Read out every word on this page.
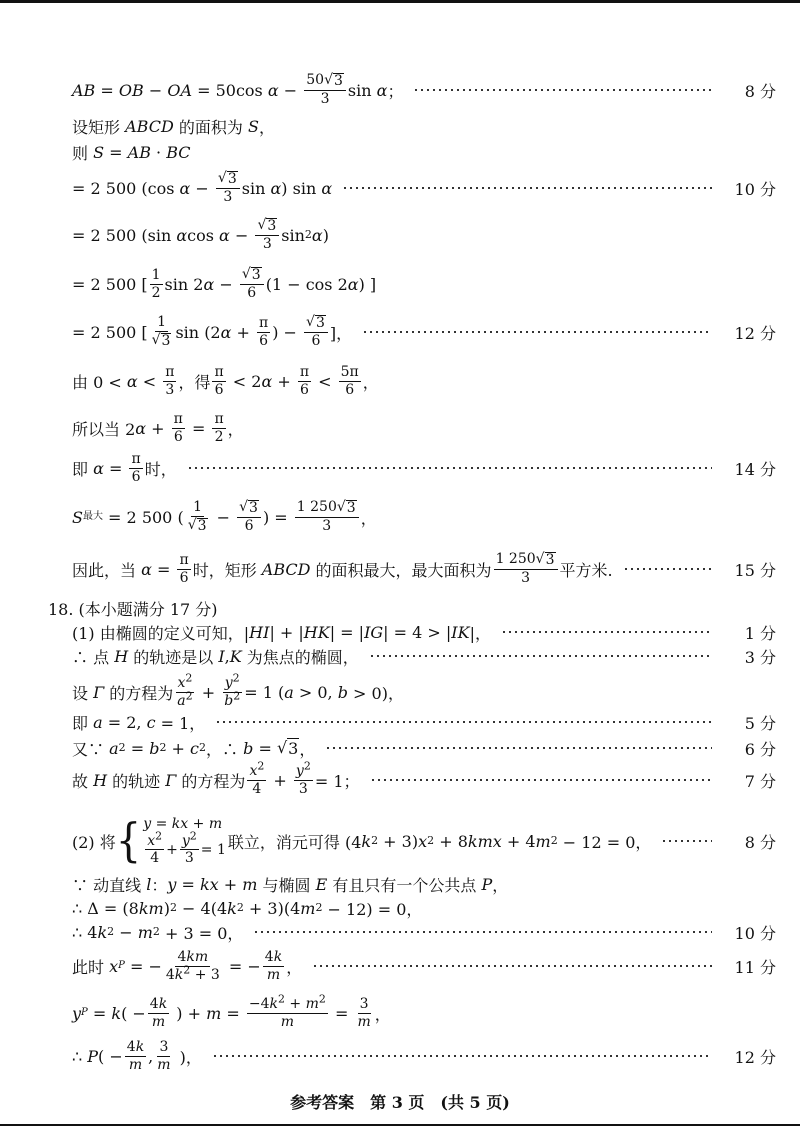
AB = OB − OA = 50cos $\alpha - \frac{50√ 3}{3}$ sin α ；	8 分
设矩形 ABCD 的面积为 S ，
则 S = AB · BC
= 2 500 (cos $\alpha - \frac{√ 3}{3}$ sin α ) sin α	10 分
= 2 500 (sin α $\cos \alpha - \frac{√ 3}{3}$ sin 2 α )
= 2 500 [ $\frac{1}{2}$ sin 2 $\alpha - \frac{√ 3}{6} (1 - \cos 2$ α ) ]
= 2 500 [ $\frac{1}{√ 3}$ sin (2 $\alpha + \frac{\pi}{6}$ ) − $\frac{√ 3}{6}$ ]，	12 分
由 $0 < \alpha < \frac{\pi}{3}$ ，得 $\frac{\pi}{6} < 2$ $\alpha + \frac{\pi}{6} < \frac{5\pi}{6}$ ，
所以当 2 $\alpha + \frac{\pi}{6} = \frac{\pi}{2}$ ，
即 $\alpha = \frac{\pi}{6}$ 时，	14 分
S 最大 = 2 500 ( $\frac{1}{√ 3} - \frac{√ 3}{6}$ ) = $\frac{1 250√ 3}{3}$ ，
因此，当 $\alpha = \frac{\pi}{6}$ 时，矩形 ABCD 的面积最大，最大面积为 $\frac{1 250√ 3}{3}$ 平方米.	15 分
18. (本小题满分 17 分)
(1) 由椭圆的定义可知，| HI | + | HK | = | IG | = 4 > | IK |，	1 分
∴ 点 H 的轨迹是以 I , K 为焦点的椭圆，	3 分
设 Γ 的方程为 $\frac{x^2}{a^2} + \frac{y^2}{b^2} = 1$ ( a > 0, b > 0)，
即 a = 2, c = 1，	5 分
又∵ a 2 = b 2 + c 2 ，∴ b = √ 3 ，	6 分
故 H 的轨迹 Γ 的方程为 $\frac{x^2}{4} + \frac{y^2}{3} = 1$；	7 分
(2) 将 { y = kx + m
$\frac{x^2}{4} + \frac{y^2}{3} = 1$ 联立，消元可得 (4 k 2 + 3) x 2 + 8 kmx + 4 m 2 − 12 = 0，	8 分
∵ 动直线 l ： y = kx + m 与椭圆 E 有且只有一个公共点 P ，
∴ Δ = (8 km ) 2 − 4(4 k 2 + 3)(4 m 2 − 12) = 0，
∴ 4 k 2 − m 2 + 3 = 0，	10 分
此时 x P = − $\frac{4km}{4k^2 + 3}$ = − $\frac{4k}{m}$ ，	11 分
y P = k ( − $\frac{4k}{m}$ ) + $m = \frac{-4k^2 + m^2}{m} = \frac{3}{m}$ ，
∴ P ( − $\frac{4k}{m}$ , $\frac{3}{m}$ )，	12 分
参考答案　第 3 页　(共 5 页)
